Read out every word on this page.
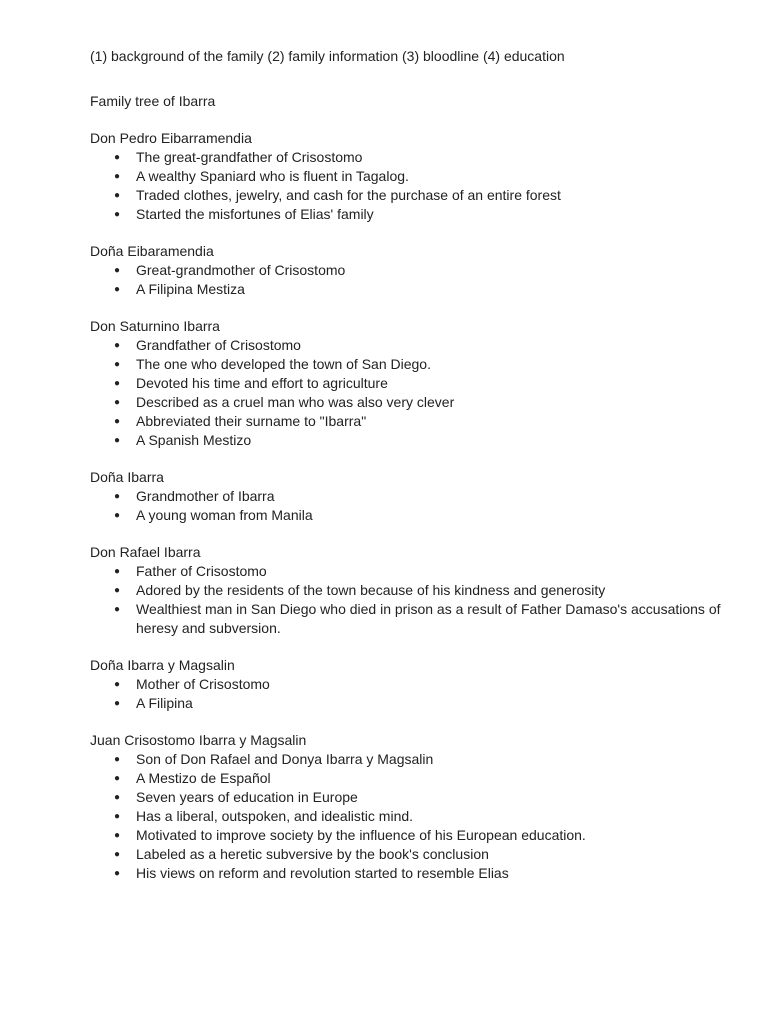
(1) background of the family (2) family information (3) bloodline (4) education

Family tree of Ibarra

Don Pedro Eibarramendia

● The great-grandfather of Crisostomo
● A wealthy Spaniard who is fluent in Tagalog.
● Traded clothes, jewelry, and cash for the purchase of an entire forest
● Started the misfortunes of Elias' family

Doña Eibaramendia

● Great-grandmother of Crisostomo
● A Filipina Mestiza

Don Saturnino Ibarra

● Grandfather of Crisostomo
● The one who developed the town of San Diego.
● Devoted his time and effort to agriculture
● Described as a cruel man who was also very clever
● Abbreviated their surname to "Ibarra"
● A Spanish Mestizo

Doña Ibarra

● Grandmother of Ibarra
● A young woman from Manila

Don Rafael Ibarra

● Father of Crisostomo
● Adored by the residents of the town because of his kindness and generosity
● Wealthiest man in San Diego who died in prison as a result of Father Damaso's accusations of heresy and subversion.

Doña Ibarra y Magsalin

● Mother of Crisostomo
● A Filipina

Juan Crisostomo Ibarra y Magsalin

● Son of Don Rafael and Donya Ibarra y Magsalin
● A Mestizo de Español
● Seven years of education in Europe
● Has a liberal, outspoken, and idealistic mind.
● Motivated to improve society by the influence of his European education.
● Labeled as a heretic subversive by the book's conclusion
● His views on reform and revolution started to resemble Elias
